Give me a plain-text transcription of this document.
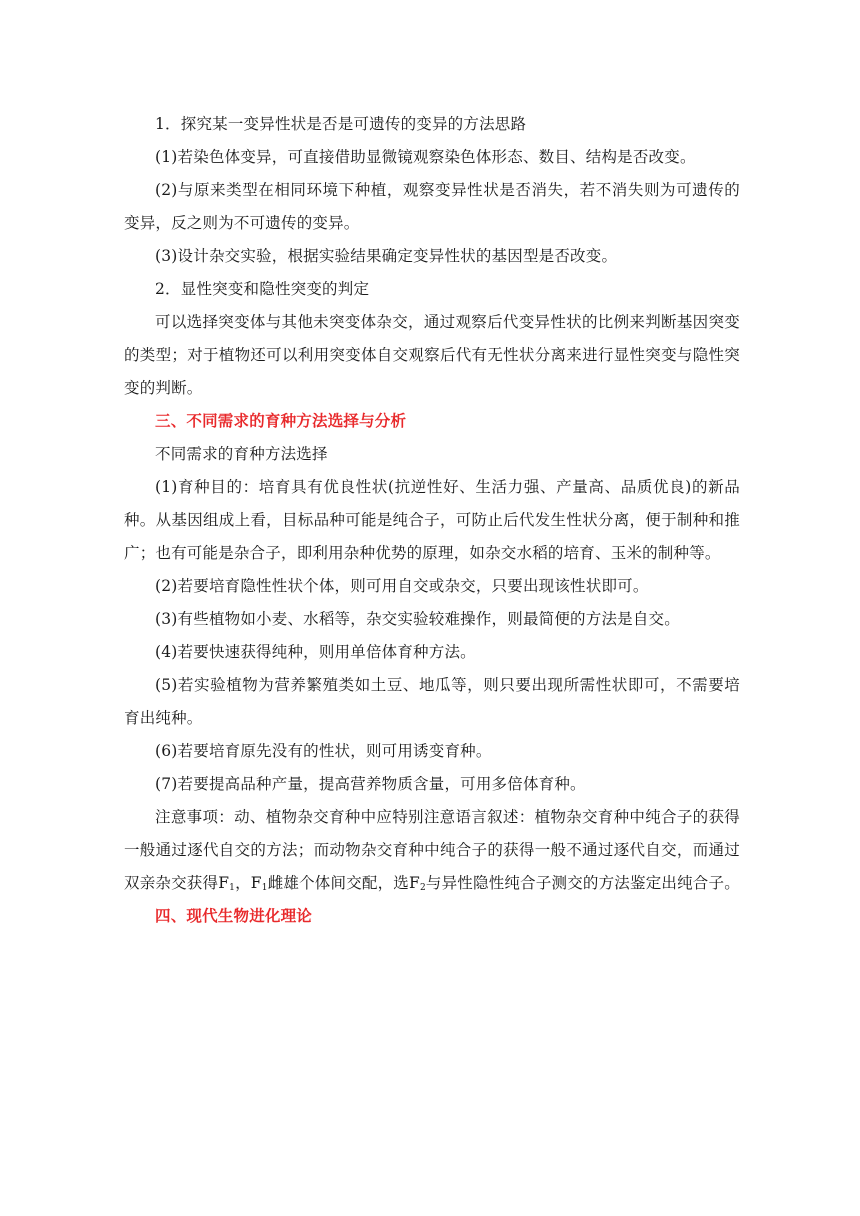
1．探究某一变异性状是否是可遗传的变异的方法思路

(1)若染色体变异，可直接借助显微镜观察染色体形态、数目、结构是否改变。

(2)与原来类型在相同环境下种植，观察变异性状是否消失，若不消失则为可遗传的变异，反之则为不可遗传的变异。

(3)设计杂交实验，根据实验结果确定变异性状的基因型是否改变。

2．显性突变和隐性突变的判定

可以选择突变体与其他未突变体杂交，通过观察后代变异性状的比例来判断基因突变的类型；对于植物还可以利用突变体自交观察后代有无性状分离来进行显性突变与隐性突变的判断。

三、不同需求的育种方法选择与分析

不同需求的育种方法选择

(1)育种目的：培育具有优良性状(抗逆性好、生活力强、产量高、品质优良)的新品种。从基因组成上看，目标品种可能是纯合子，可防止后代发生性状分离，便于制种和推广；也有可能是杂合子，即利用杂种优势的原理，如杂交水稻的培育、玉米的制种等。

(2)若要培育隐性性状个体，则可用自交或杂交，只要出现该性状即可。

(3)有些植物如小麦、水稻等，杂交实验较难操作，则最简便的方法是自交。

(4)若要快速获得纯种，则用单倍体育种方法。

(5)若实验植物为营养繁殖类如土豆、地瓜等，则只要出现所需性状即可，不需要培育出纯种。

(6)若要培育原先没有的性状，则可用诱变育种。

(7)若要提高品种产量，提高营养物质含量，可用多倍体育种。

注意事项：动、植物杂交育种中应特别注意语言叙述：植物杂交育种中纯合子的获得一般通过逐代自交的方法；而动物杂交育种中纯合子的获得一般不通过逐代自交，而通过双亲杂交获得$F_1$，$F_1$雌雄个体间交配，选$F_2$与异性隐性纯合子测交的方法鉴定出纯合子。

四、现代生物进化理论
